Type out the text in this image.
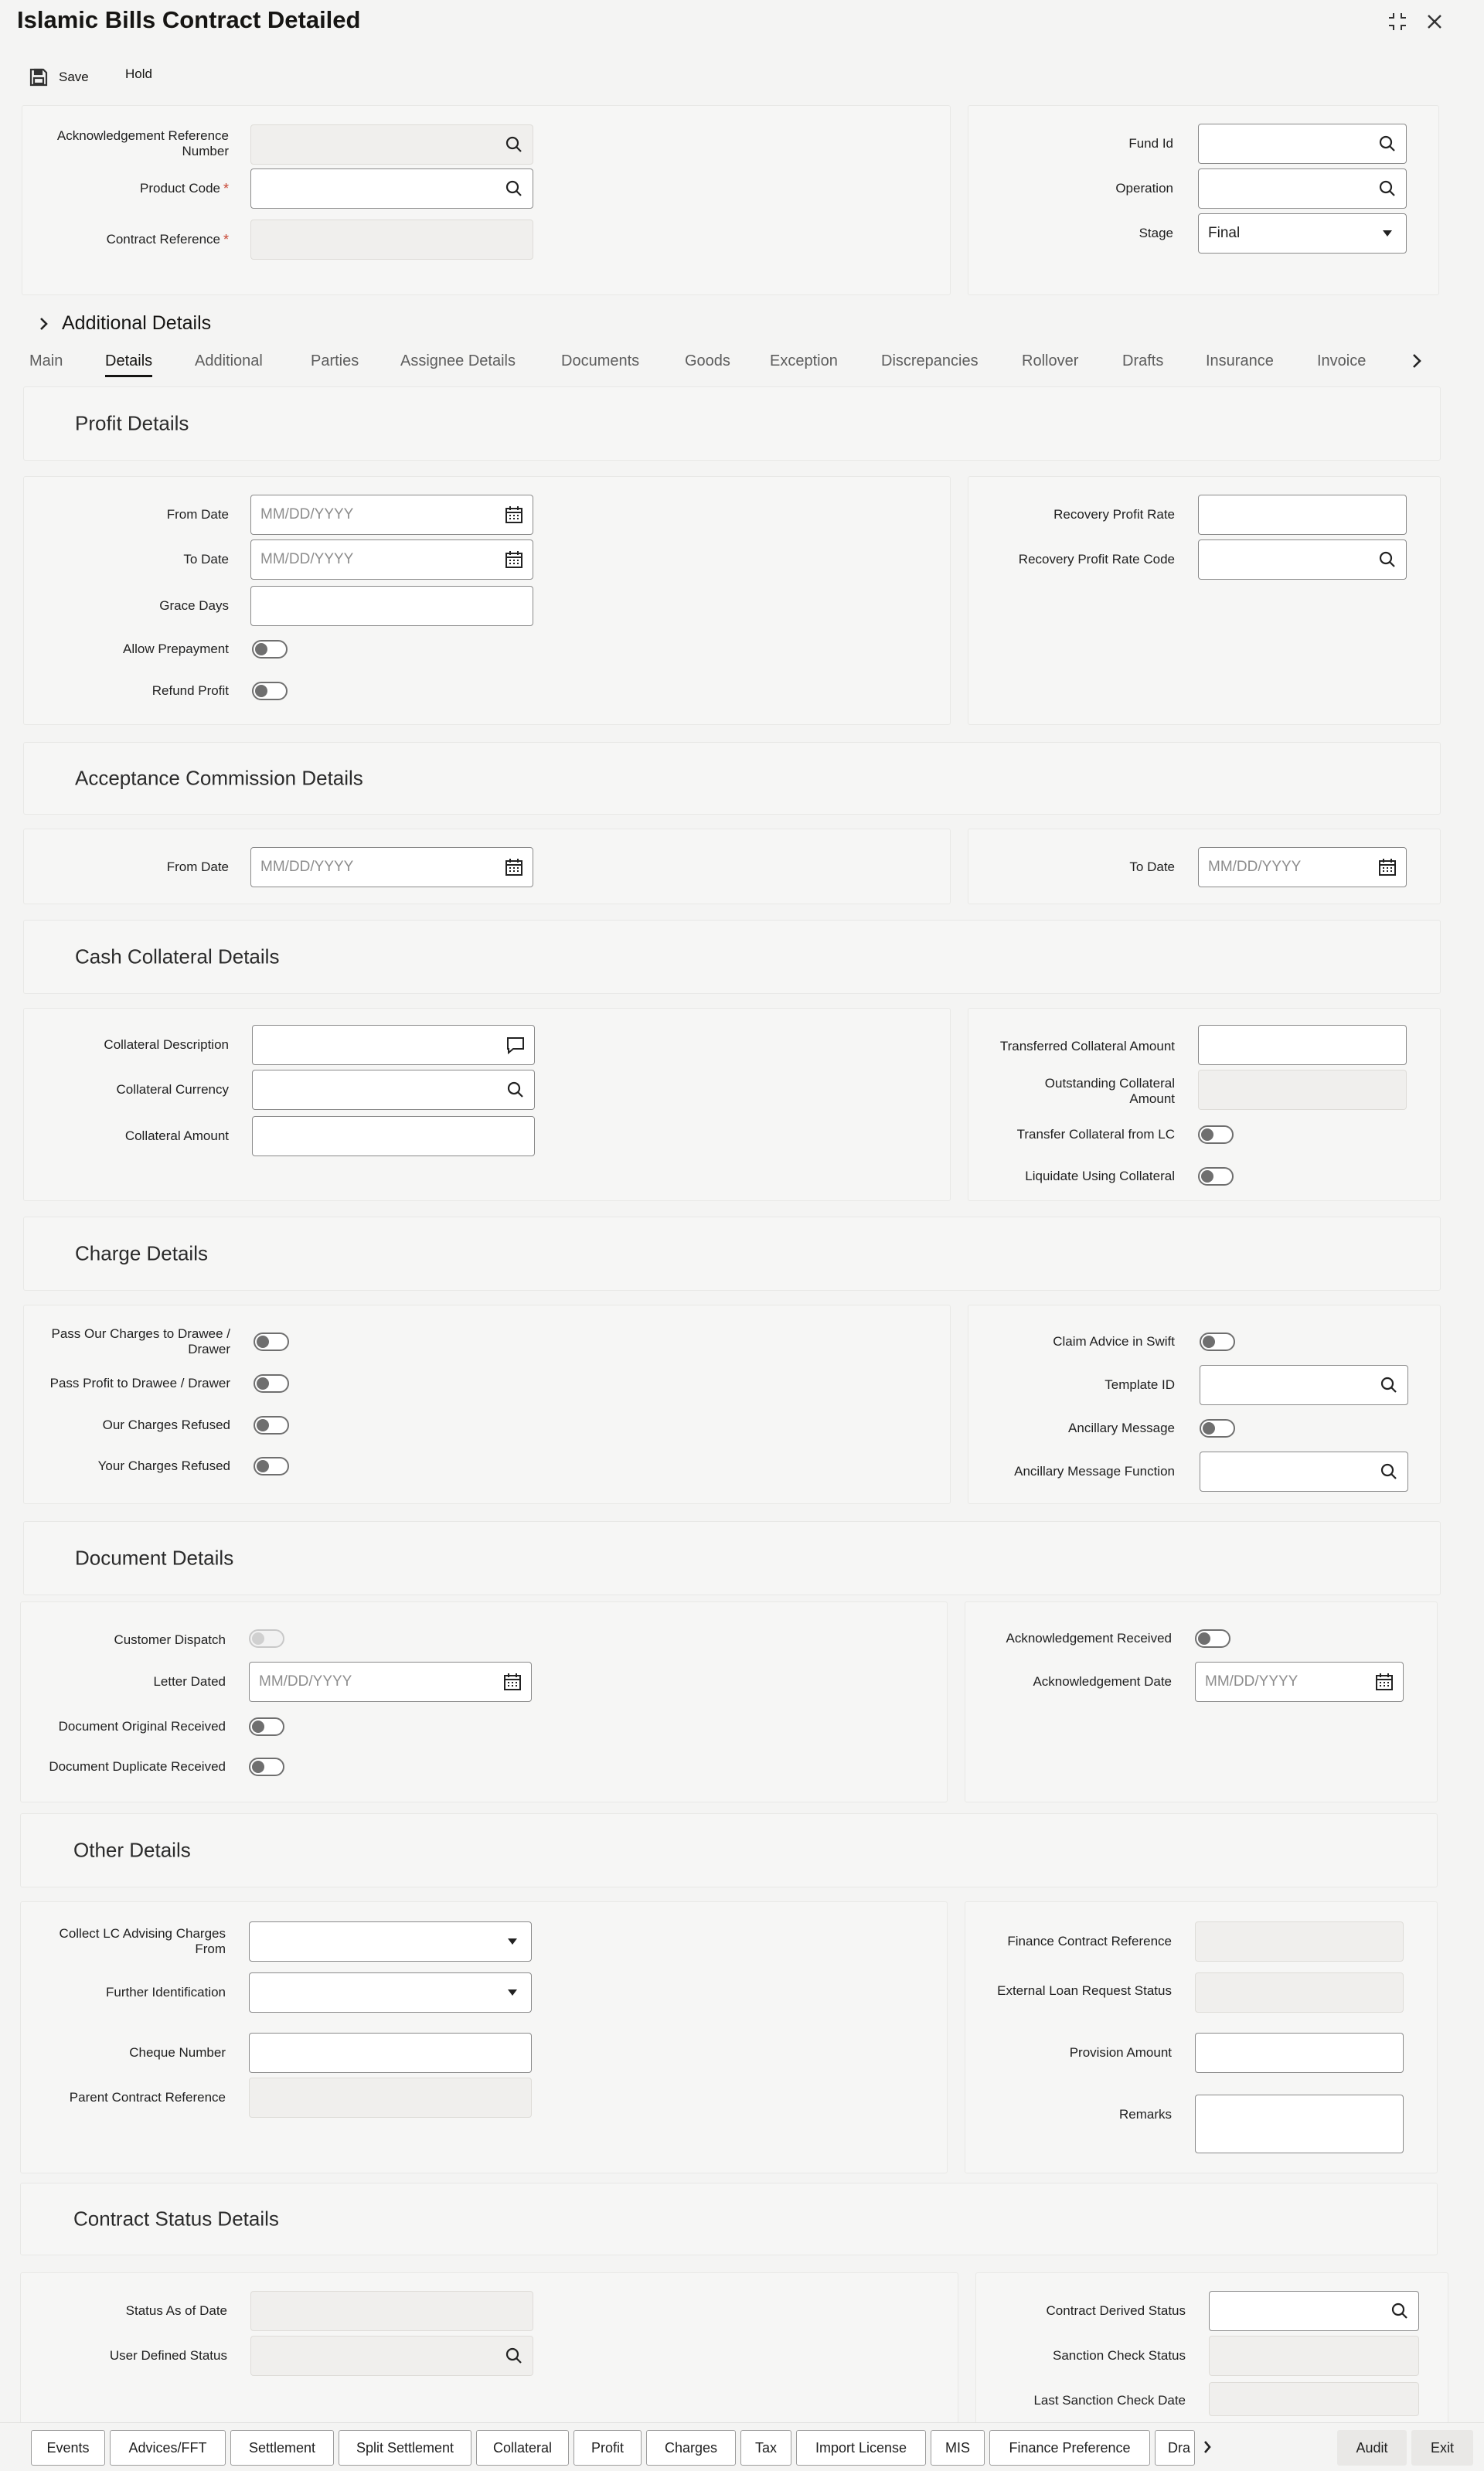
Islamic Bills Contract Detailed
Save	Hold
Acknowledgement Reference Number
Product Code *
Contract Reference *
Fund Id
Operation
Stage Final
Additional Details
Main	Details	Additional	Parties	Assignee Details	Documents	Goods	Exception	Discrepancies	Rollover	Drafts	Insurance	Invoice
Profit Details
From Date MM/DD/YYYY
To Date MM/DD/YYYY
Grace Days
Allow Prepayment
Refund Profit
Recovery Profit Rate
Recovery Profit Rate Code
Acceptance Commission Details
From Date MM/DD/YYYY	To Date MM/DD/YYYY
Cash Collateral Details
Collateral Description
Collateral Currency
Collateral Amount
Transferred Collateral Amount
Outstanding Collateral Amount
Transfer Collateral from LC
Liquidate Using Collateral
Charge Details
Pass Our Charges to Drawee / Drawer
Pass Profit to Drawee / Drawer
Our Charges Refused
Your Charges Refused
Claim Advice in Swift
Template ID
Ancillary Message
Ancillary Message Function
Document Details
Customer Dispatch
Letter Dated MM/DD/YYYY
Document Original Received
Document Duplicate Received
Acknowledgement Received
Acknowledgement Date MM/DD/YYYY
Other Details
Collect LC Advising Charges From
Further Identification
Cheque Number
Parent Contract Reference
Finance Contract Reference
External Loan Request Status
Provision Amount
Remarks
Contract Status Details
Status As of Date
User Defined Status
Contract Derived Status
Sanction Check Status
Last Sanction Check Date
Events	Advices/FFT	Settlement	Split Settlement	Collateral	Profit	Charges	Tax	Import License	MIS	Finance Preference	Dra	Audit	Exit
